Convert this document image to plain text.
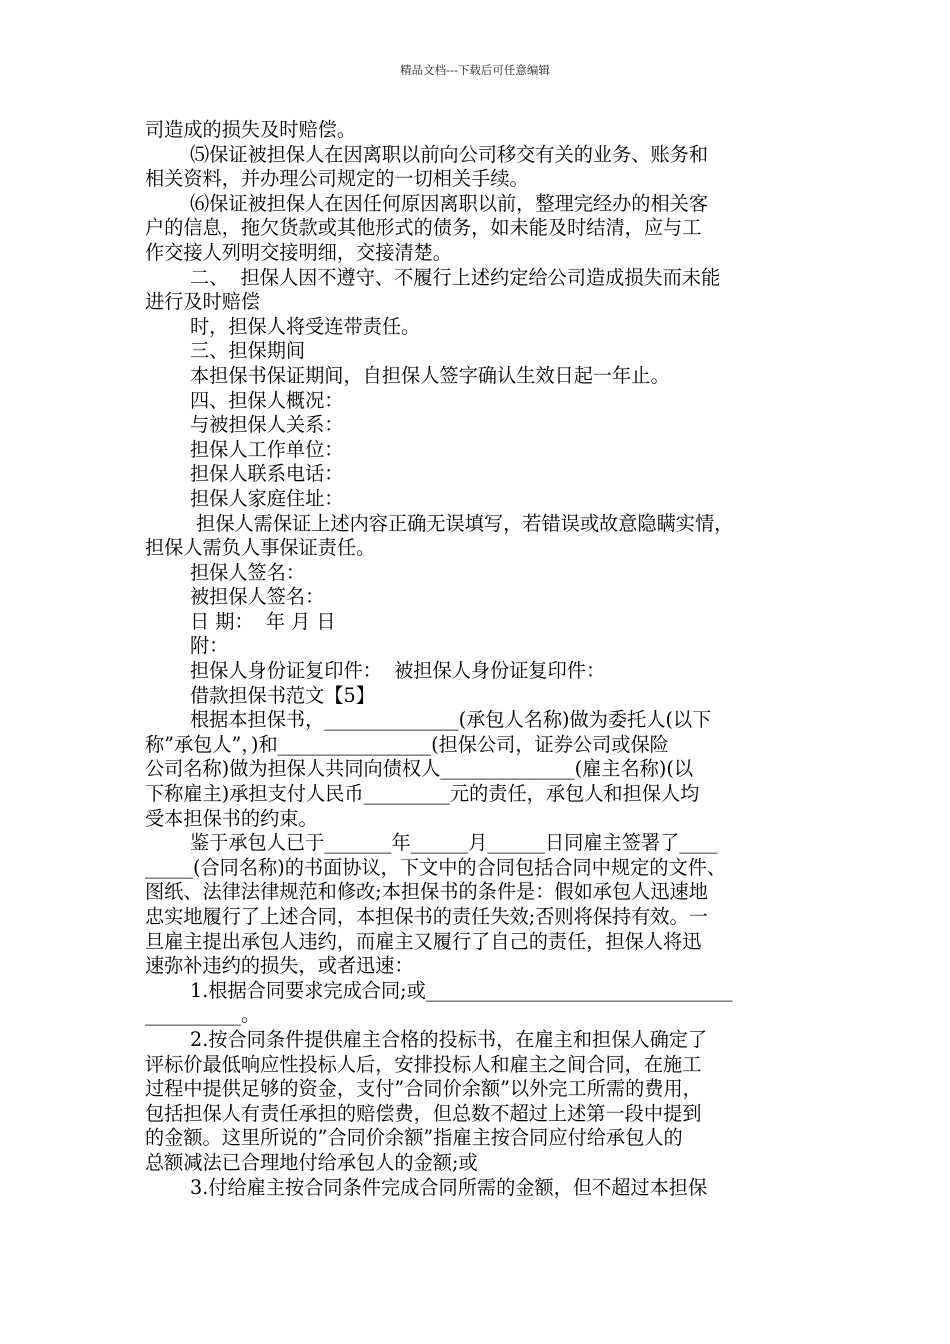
精品文档---下载后可任意编辑
司造成的损失及时赔偿。
⑸保证被担保人在因离职以前向公司移交有关的业务、账务和
相关资料，并办理公司规定的一切相关手续。
⑹保证被担保人在因任何原因离职以前，整理完经办的相关客
户的信息，拖欠货款或其他形式的债务，如未能及时结清，应与工
作交接人列明交接明细，交接清楚。
二、  担保人因不遵守、不履行上述约定给公司造成损失而未能
进行及时赔偿
时，担保人将受连带责任。
三、担保期间
本担保书保证期间，自担保人签字确认生效日起一年止。
四、担保人概况：
与被担保人关系：
担保人工作单位：
担保人联系电话：
担保人家庭住址：
担保人需保证上述内容正确无误填写，若错误或故意隐瞒实情，
担保人需负人事保证责任。
担保人签名：
被担保人签名：
日 期：  年 月 日
附：
担保人身份证复印件：  被担保人身份证复印件：
借款担保书范文【5】
根据本担保书，______________(承包人名称)做为委托人(以下
称”承包人”，)和________________(担保公司，证券公司或保险
公司名称)做为担保人共同向债权人______________(雇主名称)(以
下称雇主)承担支付人民币_________元的责任，承包人和担保人均
受本担保书的约束。
鉴于承包人已于_______年______月______日同雇主签署了____
_____(合同名称)的书面协议，下文中的合同包括合同中规定的文件、
图纸、法律法律规范和修改;本担保书的条件是：假如承包人迅速地
忠实地履行了上述合同，本担保书的责任失效;否则将保持有效。一
旦雇主提出承包人违约，而雇主又履行了自己的责任，担保人将迅
速弥补违约的损失，或者迅速：
1.根据合同要求完成合同;或________________________________
__________。
2.按合同条件提供雇主合格的投标书，在雇主和担保人确定了
评标价最低响应性投标人后，安排投标人和雇主之间合同，在施工
过程中提供足够的资金，支付”合同价余额”以外完工所需的费用，
包括担保人有责任承担的赔偿费，但总数不超过上述第一段中提到
的金额。这里所说的”合同价余额”指雇主按合同应付给承包人的
总额减法已合理地付给承包人的金额;或
3.付给雇主按合同条件完成合同所需的金额，但不超过本担保
